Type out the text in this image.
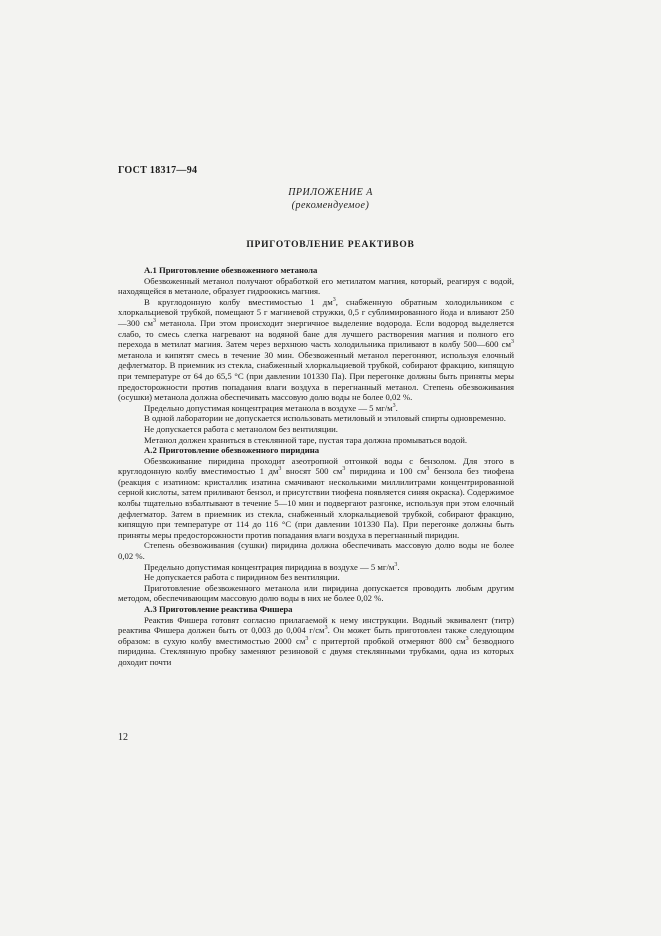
ГОСТ 18317—94
ПРИЛОЖЕНИЕ А
(рекомендуемое)
ПРИГОТОВЛЕНИЕ РЕАКТИВОВ

А.1 Приготовление обезвоженного метанола

Обезвоженный метанол получают обработкой его метилатом магния, который, реагируя с водой, находящейся в метаноле, образует гидроокись магния.

В круглодонную колбу вместимостью 1 $дм^3$, снабженную обратным холодильником с хлоркальциевой трубкой, помещают 5 г магниевой стружки, 0,5 г сублимированного йода и вливают 250—300 $см^3$ метанола. При этом происходит энергичное выделение водорода. Если водород выделяется слабо, то смесь слегка нагревают на водяной бане для лучшего растворения магния и полного его перехода в метилат магния. Затем через верхнюю часть холодильника приливают в колбу 500—600 $см^3$ метанола и кипятят смесь в течение 30 мин. Обезвоженный метанол перегоняют, используя елочный дефлегматор. В приемник из стекла, снабженный хлоркальциевой трубкой, собирают фракцию, кипящую при температуре от 64 до 65,5 °С (при давлении 101330 Па). При перегонке должны быть приняты меры предосторожности против попадания влаги воздуха в перегнанный метанол. Степень обезвоживания (осушки) метанола должна обеспечивать массовую долю воды не более 0,02 %.

Предельно допустимая концентрация метанола в воздухе — 5 $мг/м^3$.

В одной лаборатории не допускается использовать метиловый и этиловый спирты одновременно.

Не допускается работа с метанолом без вентиляции.

Метанол должен храниться в стеклянной таре, пустая тара должна промываться водой.

А.2 Приготовление обезвоженного пиридина

Обезвоживание пиридина проходит азеотропной отгонкой воды с бензолом. Для этого в круглодонную колбу вместимостью 1 $дм^3$ вносят 500 $см^3$ пиридина и 100 $см^3$ бензола без тиофена (реакция с изатином: кристаллик изатина смачивают несколькими миллилитрами концентрированной серной кислоты, затем приливают бензол, и присутствии тиофена появляется синяя окраска). Содержимое колбы тщательно взбалтывают в течение 5—10 мин и подвергают разгонке, используя при этом елочный дефлегматор. Затем в приемник из стекла, снабженный хлоркальциевой трубкой, собирают фракцию, кипящую при температуре от 114 до 116 °С (при давлении 101330 Па). При перегонке должны быть приняты меры предосторожности против попадания влаги воздуха в перегнанный пиридин.

Степень обезвоживания (сушки) пиридина должна обеспечивать массовую долю воды не более 0,02 %.

Предельно допустимая концентрация пиридина в воздухе — 5 $мг/м^3$.

Не допускается работа с пиридином без вентиляции.

Приготовление обезвоженного метанола или пиридина допускается проводить любым другим методом, обеспечивающим массовую долю воды в них не более 0,02 %.

А.3 Приготовление реактива Фишера

Реактив Фишера готовят согласно прилагаемой к нему инструкции. Водный эквивалент (титр) реактива Фишера должен быть от 0,003 до 0,004 $г/см^3$. Он может быть приготовлен также следующим образом: в сухую колбу вместимостью 2000 $см^3$ с притертой пробкой отмеряют 800 $см^3$ безводного пиридина. Стеклянную пробку заменяют резиновой с двумя стеклянными трубками, одна из которых доходит почти

12
